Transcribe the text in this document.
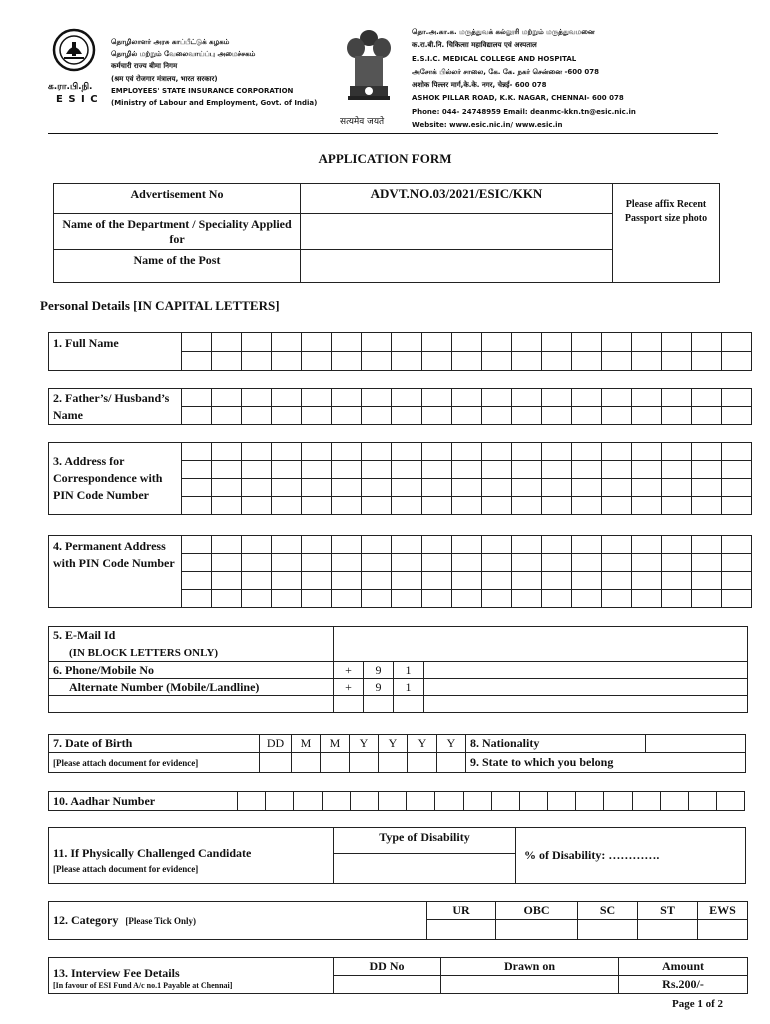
க.ரா.பி.நி.
E S I C
தொழிலாளர் அரசு காப்பீட்டுக் கழகம்
தொழில் மற்றும் வேலைவாய்ப்பு அமைச்சகம்
कर्मचारी राज्य बीमा निगम
(श्रम एवं रोजगार मंत्रालय, भारत सरकार)
EMPLOYEES' STATE INSURANCE CORPORATION
(Ministry of Labour and Employment, Govt. of India)
सत्यमेव जयते
தொ.அ.கா.க. மருத்துவக் கல்லூரி மற்றும் மருத்துவமனை
क.रा.बी.नि. चिकित्सा महाविद्यालय एवं अस्पताल
E.S.I.C. MEDICAL COLLEGE AND HOSPITAL
அசோக் பில்லர் சாலை, கே. கே. நகர் சென்னை -600 078
अशोक पिल्लर मार्ग,के.के. नगर, चेन्नई- 600 078
ASHOK PILLAR ROAD, K.K. NAGAR, CHENNAI- 600 078
Phone: 044- 24748959 Email: deanmc-kkn.tn@esic.nic.in
Website: www.esic.nic.in/ www.esic.in
APPLICATION FORM
Advertisement No	ADVT.NO.03/2021/ESIC/KKN	Please affix Recent Passport size photo
Name of the Department / Speciality Applied for		
Name of the Post		
Personal Details [IN CAPITAL LETTERS]
1. Full Name																			

2. Father’s/ Husband’s Name																			

3. Address for Correspondence with PIN Code Number																			

4. Permanent Address with PIN Code Number																			

5. E-Mail Id				
(IN BLOCK LETTERS ONLY)				
6. Phone/Mobile No	+	9	1	
Alternate Number (Mobile/Landline)	+	9	1	

7. Date of Birth	DD	M	M	Y	Y	Y	Y	8. Nationality	
[Please attach document for evidence]								9. State to which you belong	
10. Aadhar Number																		
11. If Physically Challenged Candidate
[Please attach document for evidence]
	Type of Disability	% of Disability: ………….

12. Category [Please Tick Only)	UR	OBC	SC	ST	EWS

13. Interview Fee Details
[In favour of ESI Fund A/c no.1 Payable at Chennai]	DD No	Drawn on	Amount
			Rs.200/-
Page 1 of 2
